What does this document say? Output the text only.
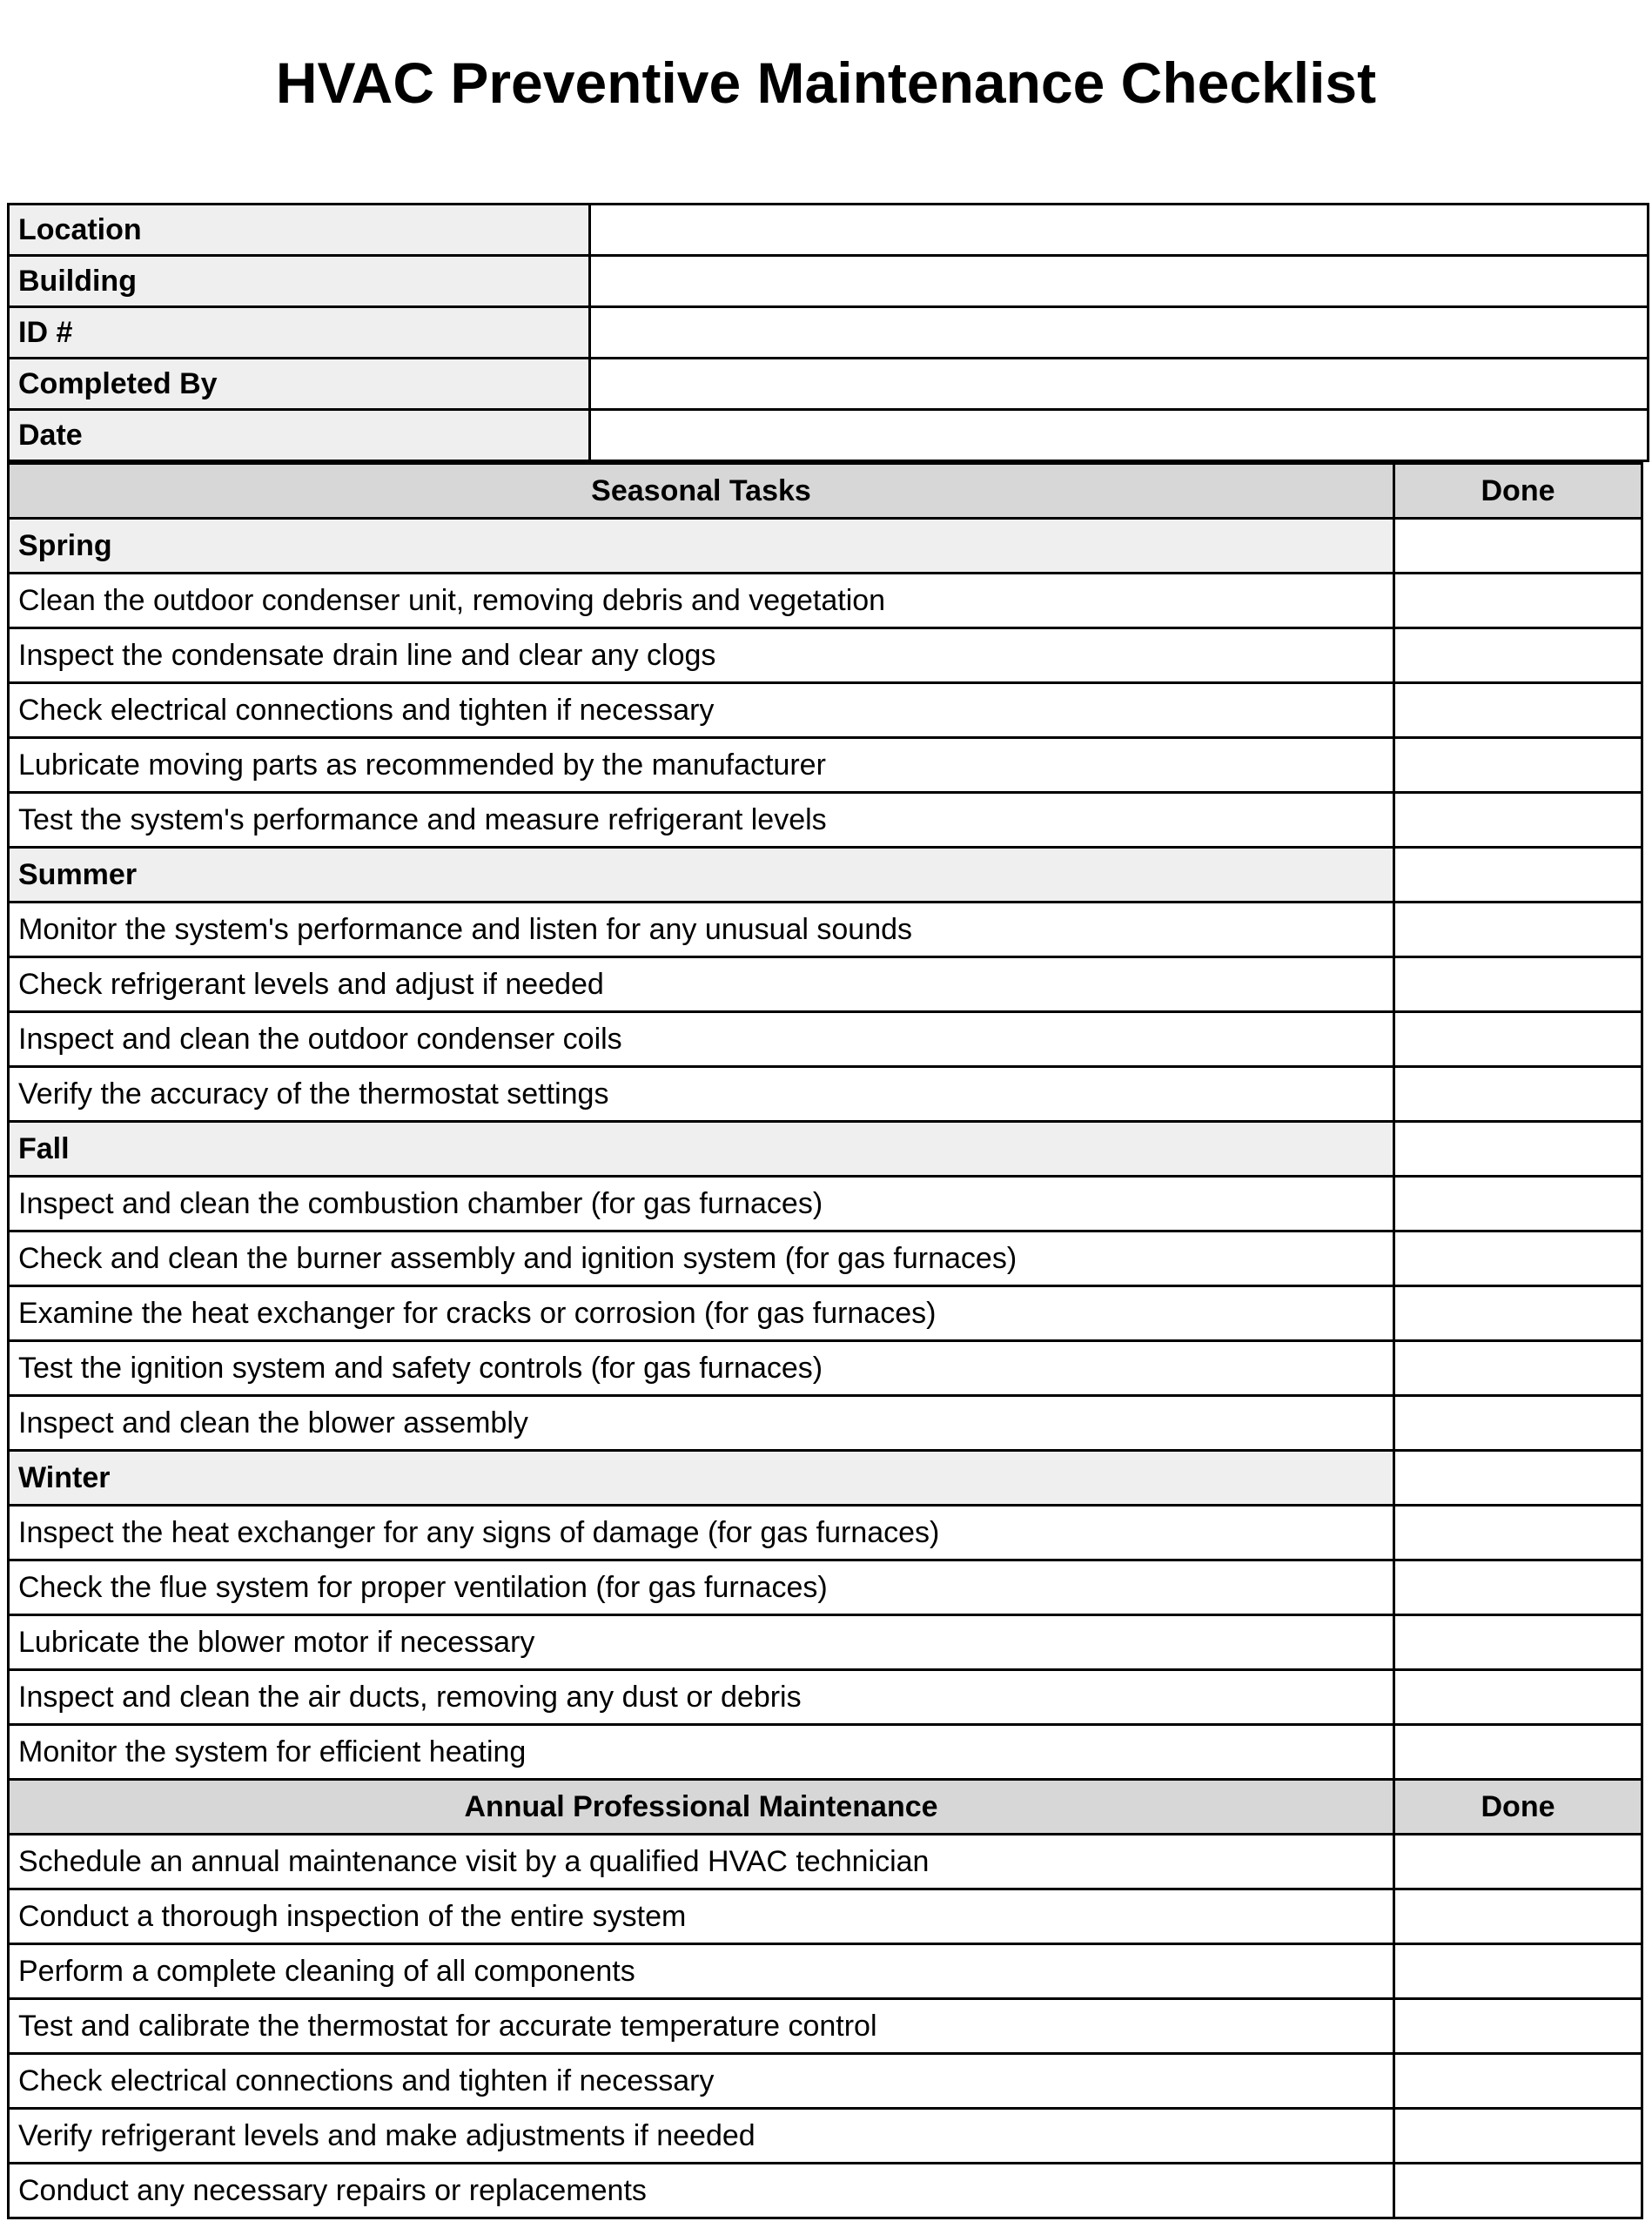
HVAC Preventive Maintenance Checklist
Location	
Building	
ID #	
Completed By	
Date	
Seasonal Tasks	Done
Spring	
Clean the outdoor condenser unit, removing debris and vegetation	
Inspect the condensate drain line and clear any clogs	
Check electrical connections and tighten if necessary	
Lubricate moving parts as recommended by the manufacturer	
Test the system's performance and measure refrigerant levels	
Summer	
Monitor the system's performance and listen for any unusual sounds	
Check refrigerant levels and adjust if needed	
Inspect and clean the outdoor condenser coils	
Verify the accuracy of the thermostat settings	
Fall	
Inspect and clean the combustion chamber (for gas furnaces)	
Check and clean the burner assembly and ignition system (for gas furnaces)	
Examine the heat exchanger for cracks or corrosion (for gas furnaces)	
Test the ignition system and safety controls (for gas furnaces)	
Inspect and clean the blower assembly	
Winter	
Inspect the heat exchanger for any signs of damage (for gas furnaces)	
Check the flue system for proper ventilation (for gas furnaces)	
Lubricate the blower motor if necessary	
Inspect and clean the air ducts, removing any dust or debris	
Monitor the system for efficient heating	
Annual Professional Maintenance	Done
Schedule an annual maintenance visit by a qualified HVAC technician	
Conduct a thorough inspection of the entire system	
Perform a complete cleaning of all components	
Test and calibrate the thermostat for accurate temperature control	
Check electrical connections and tighten if necessary	
Verify refrigerant levels and make adjustments if needed	
Conduct any necessary repairs or replacements	
